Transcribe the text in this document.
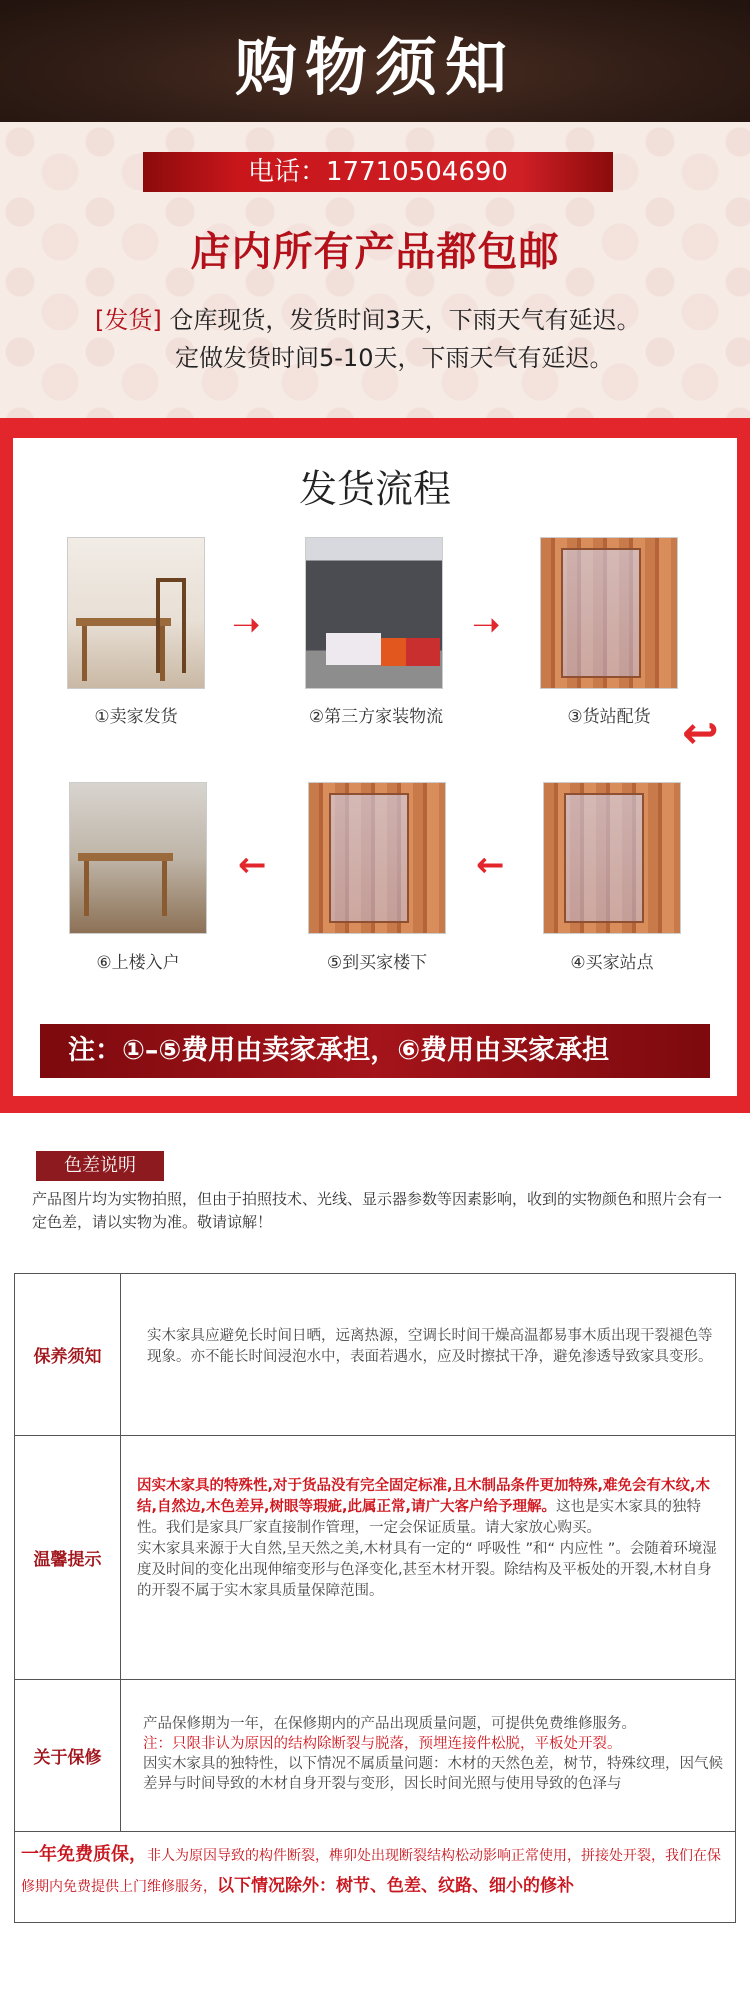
购物须知
电话：17710504690
店内所有产品都包邮
[发货] 仓库现货，发货时间3天，下雨天气有延迟。
定做发货时间5-10天，下雨天气有延迟。
发货流程
①卖家发货
➝
②第三方家装物流
➝
③货站配货 ↩
⑥上楼入户
←
⑤到买家楼下
←
④买家站点
注：①–⑤费用由卖家承担，⑥费用由买家承担
色差说明
产品图片均为实物拍照，但由于拍照技术、光线、显示器参数等因素影响，收到的实物颜色和照片会有一定色差，请以实物为准。敬请谅解！
保养须知
实木家具应避免长时间日晒，远离热源，空调长时间干燥高温都易事木质出现干裂褪色等现象。亦不能长时间浸泡水中，表面若遇水，应及时擦拭干净，避免渗透导致家具变形。
温馨提示
因实木家具的特殊性,对于货品没有完全固定标准,且木制品条件更加特殊,难免会有木纹,木结,自然边,木色差异,树眼等瑕疵,此属正常,请广大客户给予理解。这也是实木家具的独特性。我们是家具厂家直接制作管理，一定会保证质量。请大家放心购买。
实木家具来源于大自然,呈天然之美,木材具有一定的“ 呼吸性 ”和“ 内应性 ”。会随着环境湿度及时间的变化出现伸缩变形与色泽变化,甚至木材开裂。除结构及平板处的开裂,木材自身的开裂不属于实木家具质量保障范围。
关于保修
产品保修期为一年，在保修期内的产品出现质量问题，可提供免费维修服务。
注：只限非认为原因的结构除断裂与脱落，预埋连接件松脱，平板处开裂。
因实木家具的独特性，以下情况不属质量问题：木材的天然色差，树节，特殊纹理，因气候差异与时间导致的木材自身开裂与变形，因长时间光照与使用导致的色泽与
一年免费质保，非人为原因导致的构件断裂，榫卯处出现断裂结构松动影响正常使用，拼接处开裂，我们在保修期内免费提供上门维修服务，以下情况除外：树节、色差、纹路、细小的修补
